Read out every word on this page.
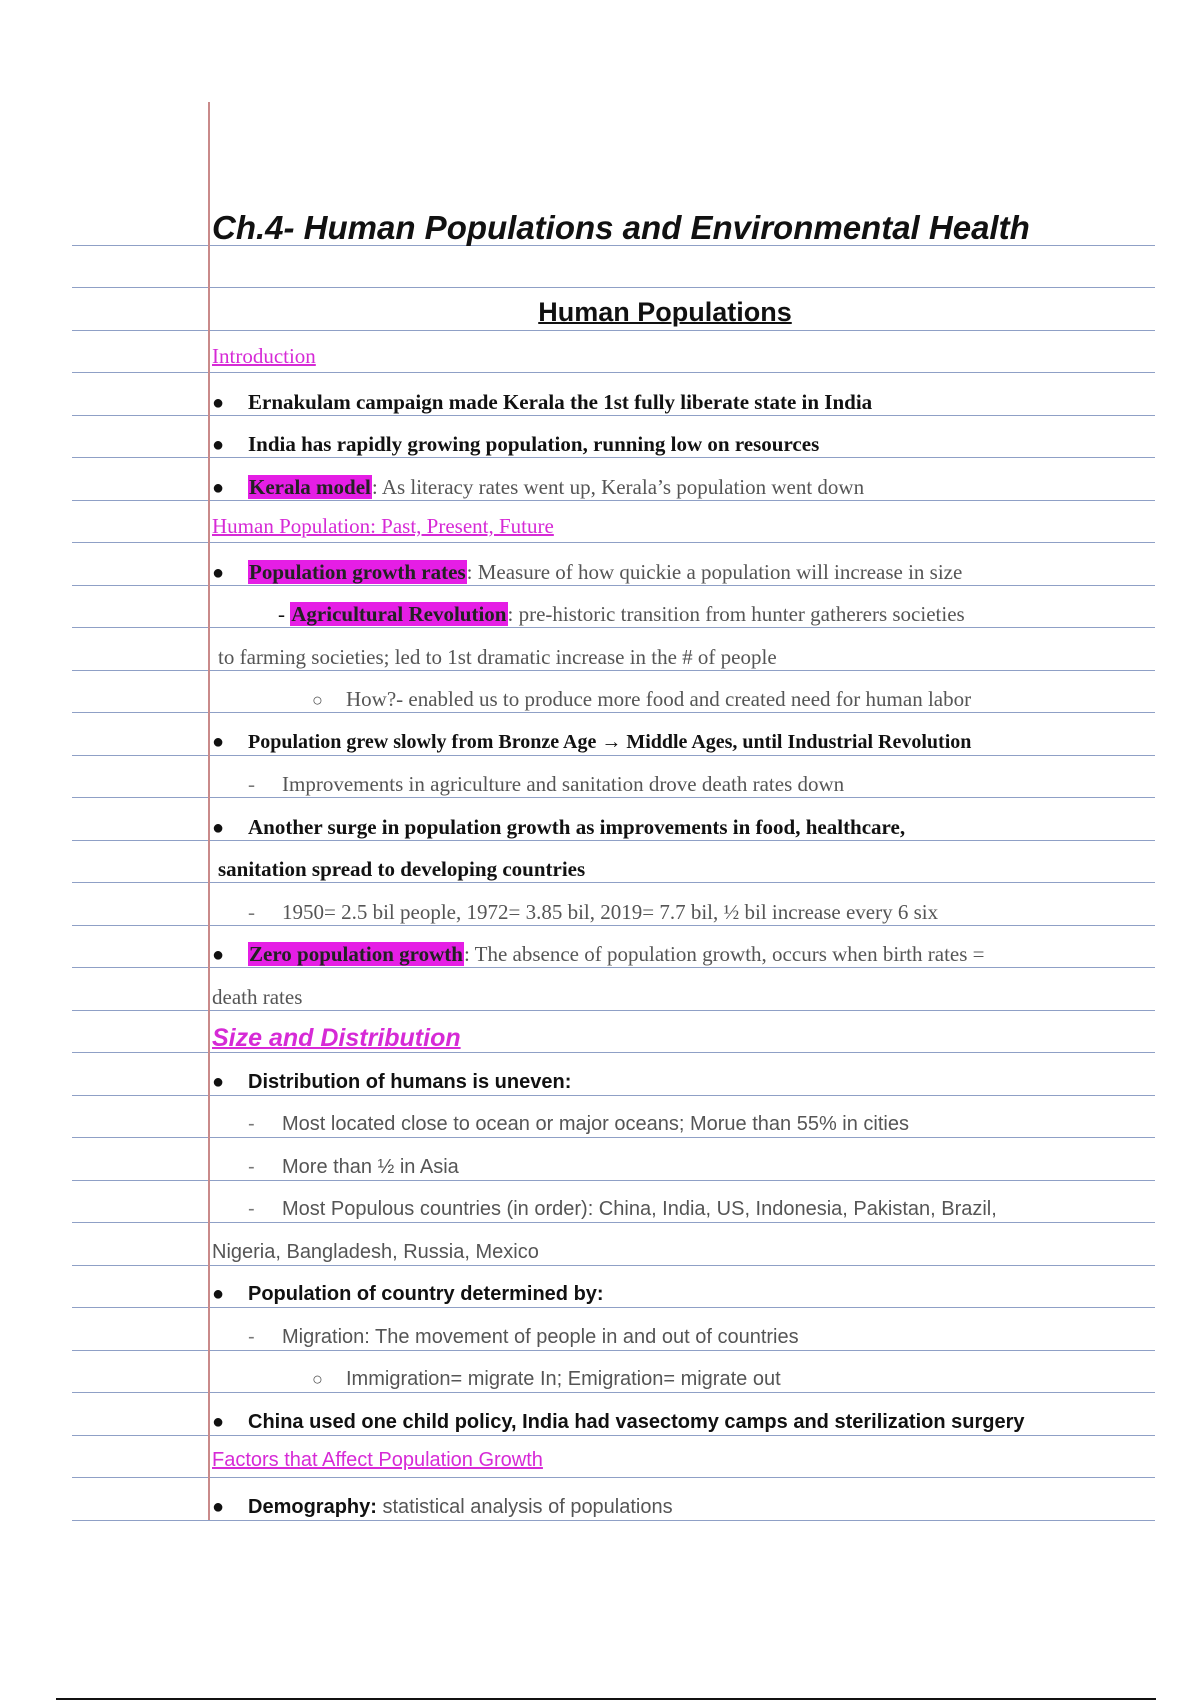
Ch.4- Human Populations and Environmental Health
Human Populations
Introduction
● Ernakulam campaign made Kerala the 1st fully liberate state in India
● India has rapidly growing population, running low on resources
● Kerala model: As literacy rates went up, Kerala’s population went down
Human Population: Past, Present, Future
● Population growth rates: Measure of how quickie a population will increase in size
- Agricultural Revolution: pre-historic transition from hunter gatherers societies
to farming societies; led to 1st dramatic increase in the # of people
○ How?- enabled us to produce more food and created need for human labor
● Population grew slowly from Bronze Age → Middle Ages, until Industrial Revolution
- Improvements in agriculture and sanitation drove death rates down
● Another surge in population growth as improvements in food, healthcare,
sanitation spread to developing countries
- 1950= 2.5 bil people, 1972= 3.85 bil, 2019= 7.7 bil, ½ bil increase every 6 six
● Zero population growth: The absence of population growth, occurs when birth rates =
death rates
Size and Distribution
● Distribution of humans is uneven:
- Most located close to ocean or major oceans; Morue than 55% in cities
- More than ½ in Asia
- Most Populous countries (in order): China, India, US, Indonesia, Pakistan, Brazil,
Nigeria, Bangladesh, Russia, Mexico
● Population of country determined by:
- Migration: The movement of people in and out of countries
○ Immigration= migrate In; Emigration= migrate out
● China used one child policy, India had vasectomy camps and sterilization surgery
Factors that Affect Population Growth
● Demography: statistical analysis of populations
